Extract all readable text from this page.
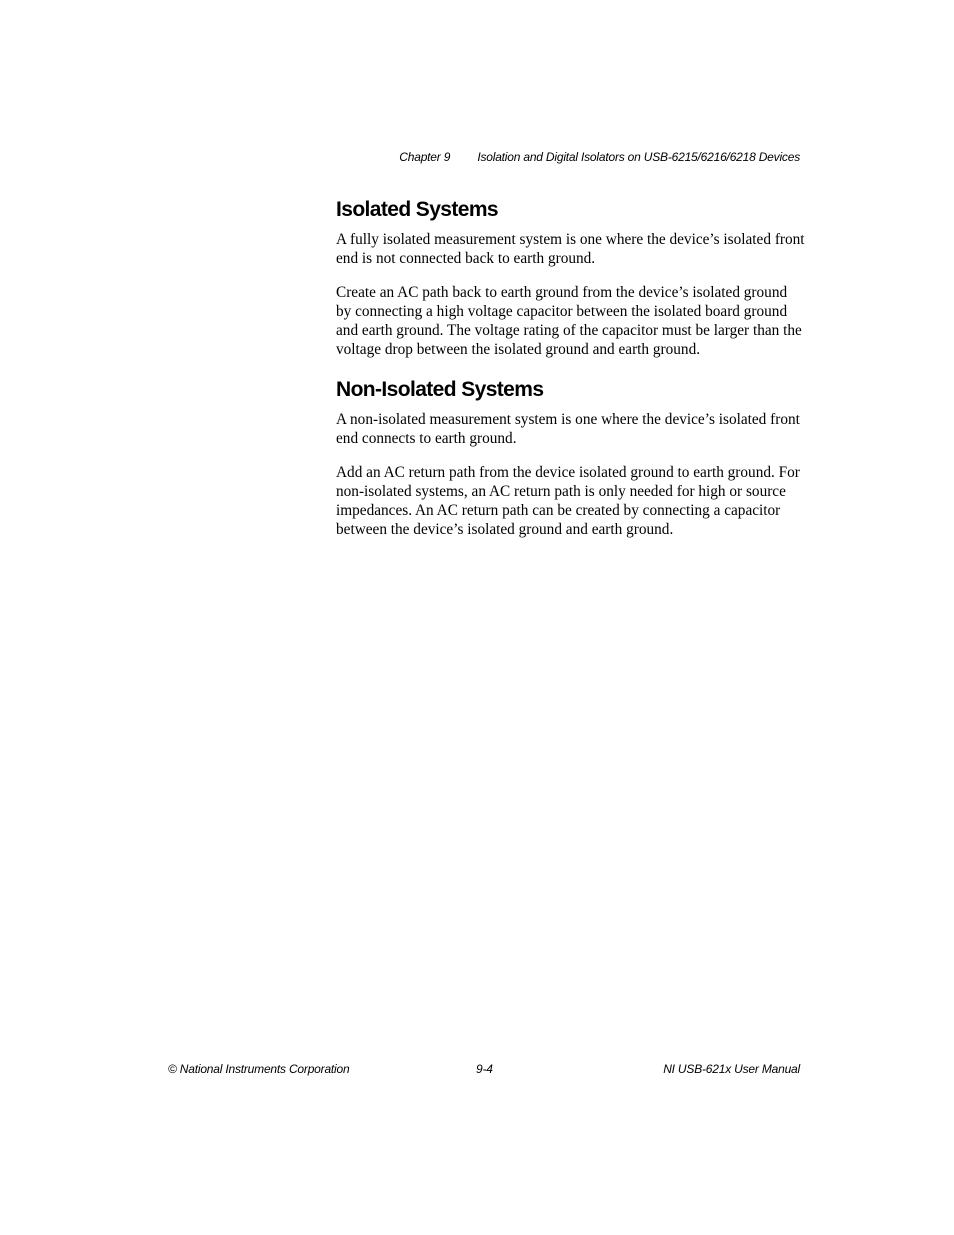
Chapter 9 Isolation and Digital Isolators on USB-6215/6216/6218 Devices
Isolated Systems

A fully isolated measurement system is one where the device’s isolated front end is not connected back to earth ground.

Create an AC path back to earth ground from the device’s isolated ground by connecting a high voltage capacitor between the isolated board ground and earth ground. The voltage rating of the capacitor must be larger than the voltage drop between the isolated ground and earth ground.

Non-Isolated Systems

A non-isolated measurement system is one where the device’s isolated front end connects to earth ground.

Add an AC return path from the device isolated ground to earth ground. For non-isolated systems, an AC return path is only needed for high or source impedances. An AC return path can be created by connecting a capacitor between the device’s isolated ground and earth ground.

© National Instruments Corporation	9-4	NI USB-621x User Manual
